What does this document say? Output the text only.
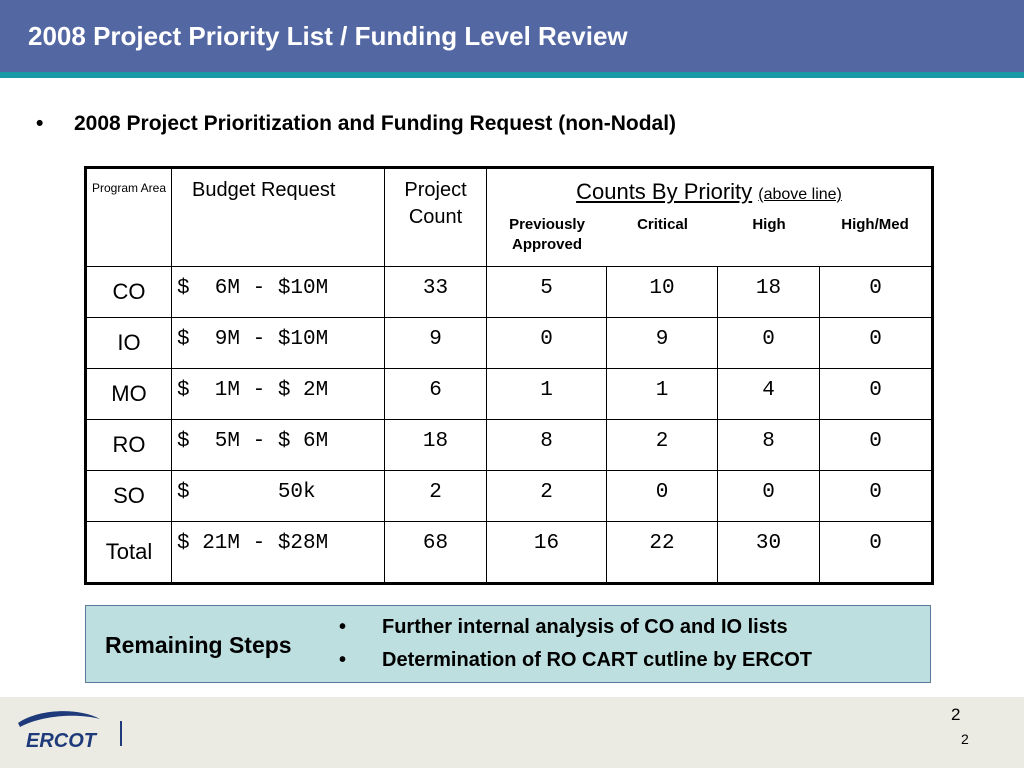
2008 Project Priority List / Funding Level Review
• 2008 Project Prioritization and Funding Request (non-Nodal)
Program Area	Budget Request	Project Count	Counts By Priority (above line)
Previously Approved
Critical High High/Med			

CO	$  6M - $10M	33	5	10	18	0
IO	$  9M - $10M	9	0	9	0	0
MO	$  1M - $ 2M	6	1	1	4	0
RO	$  5M - $ 6M	18	8	2	8	0
SO	$       50k	2	2	0	0	0
Total	$ 21M - $28M	68	16	22	30	0
Remaining Steps
• Further internal analysis of CO and IO lists
• Determination of RO CART cutline by ERCOT
ERCOT
2
2
